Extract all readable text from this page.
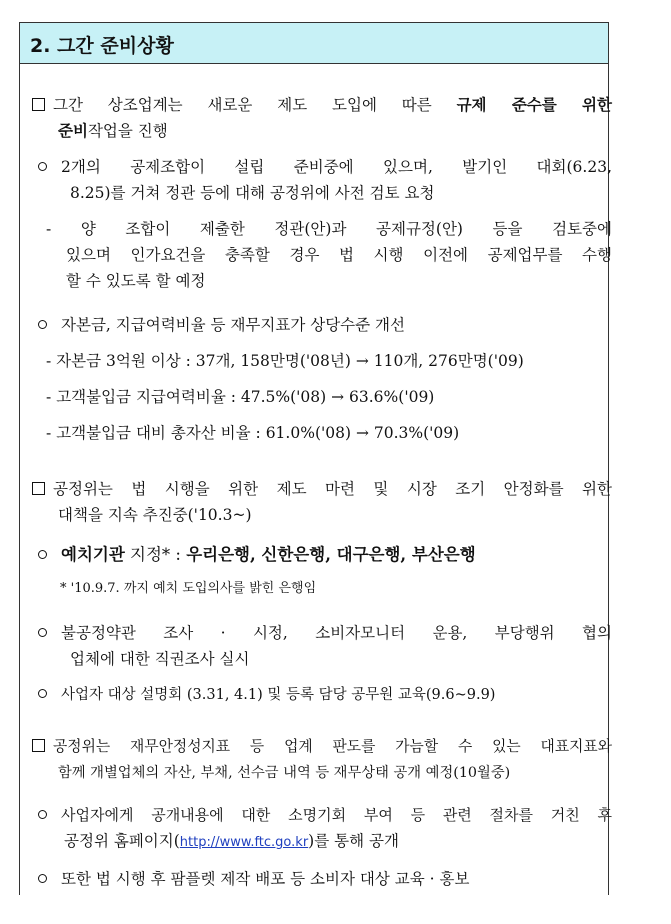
2. 그간 준비상황
그간 상조업계는 새로운 제도 도입에 따른 규제 준수를 위한
준비작업을 진행
2개의 공제조합이 설립 준비중에 있으며, 발기인 대회(6.23,
8.25)를 거쳐 정관 등에 대해 공정위에 사전 검토 요청
- 양 조합이 제출한 정관(안)과 공제규정(안) 등을 검토중에
있으며 인가요건을 충족할 경우 법 시행 이전에 공제업무를 수행
할 수 있도록 할 예정
자본금, 지급여력비율 등 재무지표가 상당수준 개선
- 자본금 3억원 이상 : 37개, 158만명('08년) → 110개, 276만명('09)
- 고객불입금 지급여력비율 : 47.5%('08) → 63.6%('09)
- 고객불입금 대비 총자산 비율 : 61.0%('08) → 70.3%('09)
공정위는 법 시행을 위한 제도 마련 및 시장 조기 안정화를 위한
대책을 지속 추진중('10.3~)
예치기관 지정* : 우리은행, 신한은행, 대구은행, 부산은행
* '10.9.7. 까지 예치 도입의사를 밝힌 은행임
불공정약관 조사 · 시정, 소비자모니터 운용, 부당행위 협의
업체에 대한 직권조사 실시
사업자 대상 설명회 (3.31, 4.1) 및 등록 담당 공무원 교육(9.6~9.9)
공정위는 재무안정성지표 등 업계 판도를 가늠할 수 있는 대표지표와
함께 개별업체의 자산, 부채, 선수금 내역 등 재무상태 공개 예정(10월중)
사업자에게 공개내용에 대한 소명기회 부여 등 관련 절차를 거친 후
공정위 홈페이지(http://www.ftc.go.kr)를 통해 공개
또한 법 시행 후 팜플렛 제작 배포 등 소비자 대상 교육 · 홍보
